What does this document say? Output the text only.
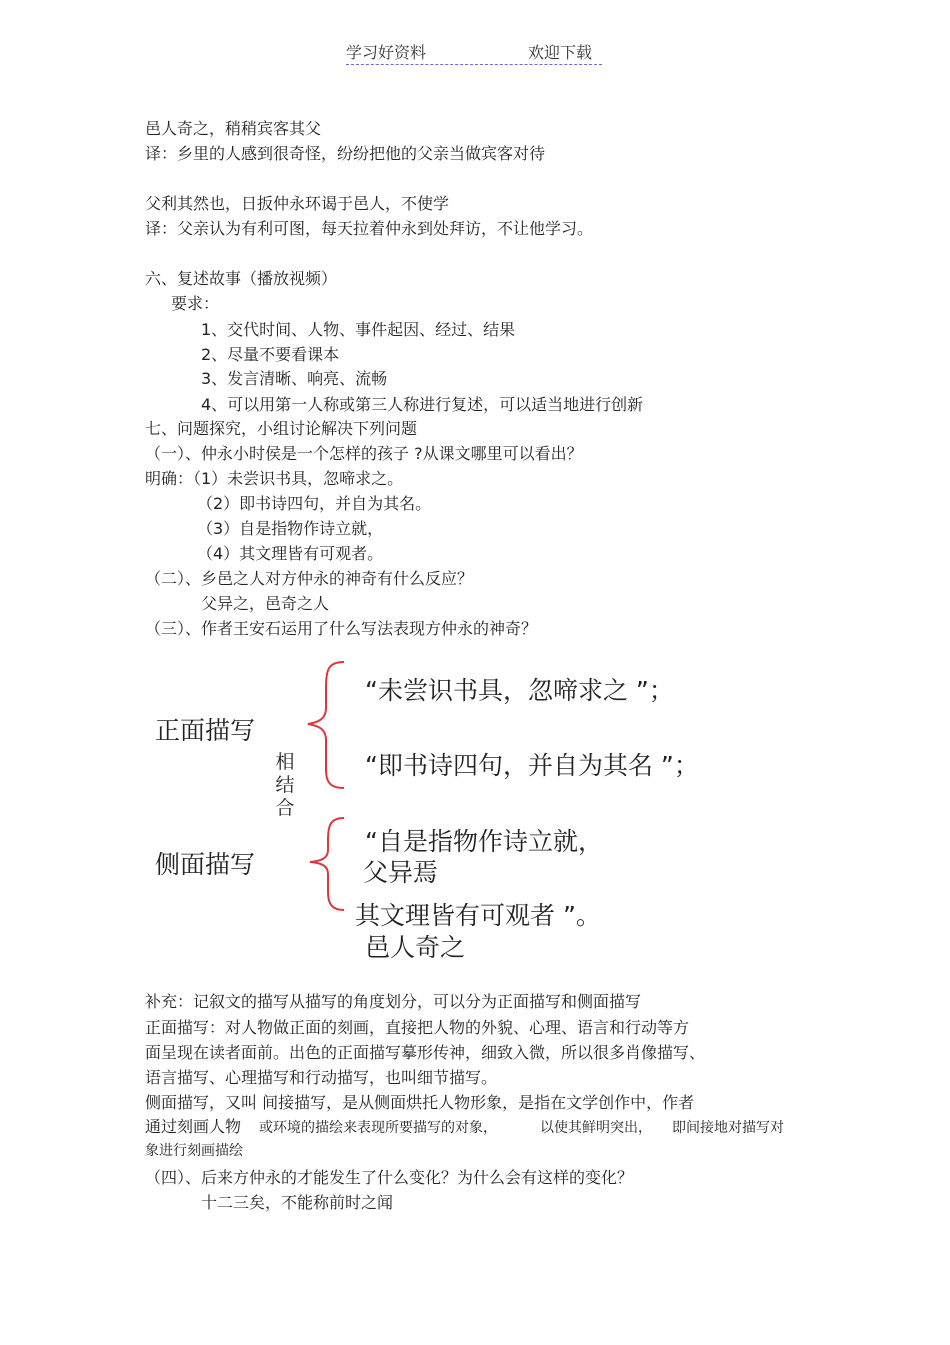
学习好资料	欢迎下载
邑人奇之，稍稍宾客其父
译：乡里的人感到很奇怪，纷纷把他的父亲当做宾客对待
父利其然也，日扳仲永环谒于邑人，不使学
译：父亲认为有利可图，每天拉着仲永到处拜访，不让他学习。
六、复述故事（播放视频）
要求：
1、交代时间、人物、事件起因、经过、结果
2、尽量不要看课本
3、发言清晰、响亮、流畅
4、可以用第一人称或第三人称进行复述，可以适当地进行创新
七、问题探究，小组讨论解决下列问题
（一）、仲永小时侯是一个怎样的孩子 ?从课文哪里可以看出？
明确：（1）未尝识书具，忽啼求之。
（2）即书诗四句，并自为其名。
（3）自是指物作诗立就，
（4）其文理皆有可观者。
（二）、乡邑之人对方仲永的神奇有什么反应？
父异之，邑奇之人
（三）、作者王安石运用了什么写法表现方仲永的神奇？
正面描写
侧面描写
相
结
合
“未尝识书具，忽啼求之 ”；
“即书诗四句，并自为其名 ”；
“自是指物作诗立就，
父异焉
其文理皆有可观者 ”。
邑人奇之
补充：记叙文的描写从描写的角度划分，可以分为正面描写和侧面描写
正面描写：对人物做正面的刻画，直接把人物的外貌、心理、语言和行动等方
面呈现在读者面前。出色的正面描写摹形传神，细致入微，所以很多肖像描写、
语言描写、心理描写和行动描写，也叫细节描写。
侧面描写，又叫 间接描写，是从侧面烘托人物形象，是指在文学创作中，作者
通过刻画人物 或环境的描绘来表现所要描写的对象，	以使其鲜明突出， 即间接地对描写对
象进行刻画描绘
（四）、后来方仲永的才能发生了什么变化？为什么会有这样的变化？
十二三矣，不能称前时之闻
